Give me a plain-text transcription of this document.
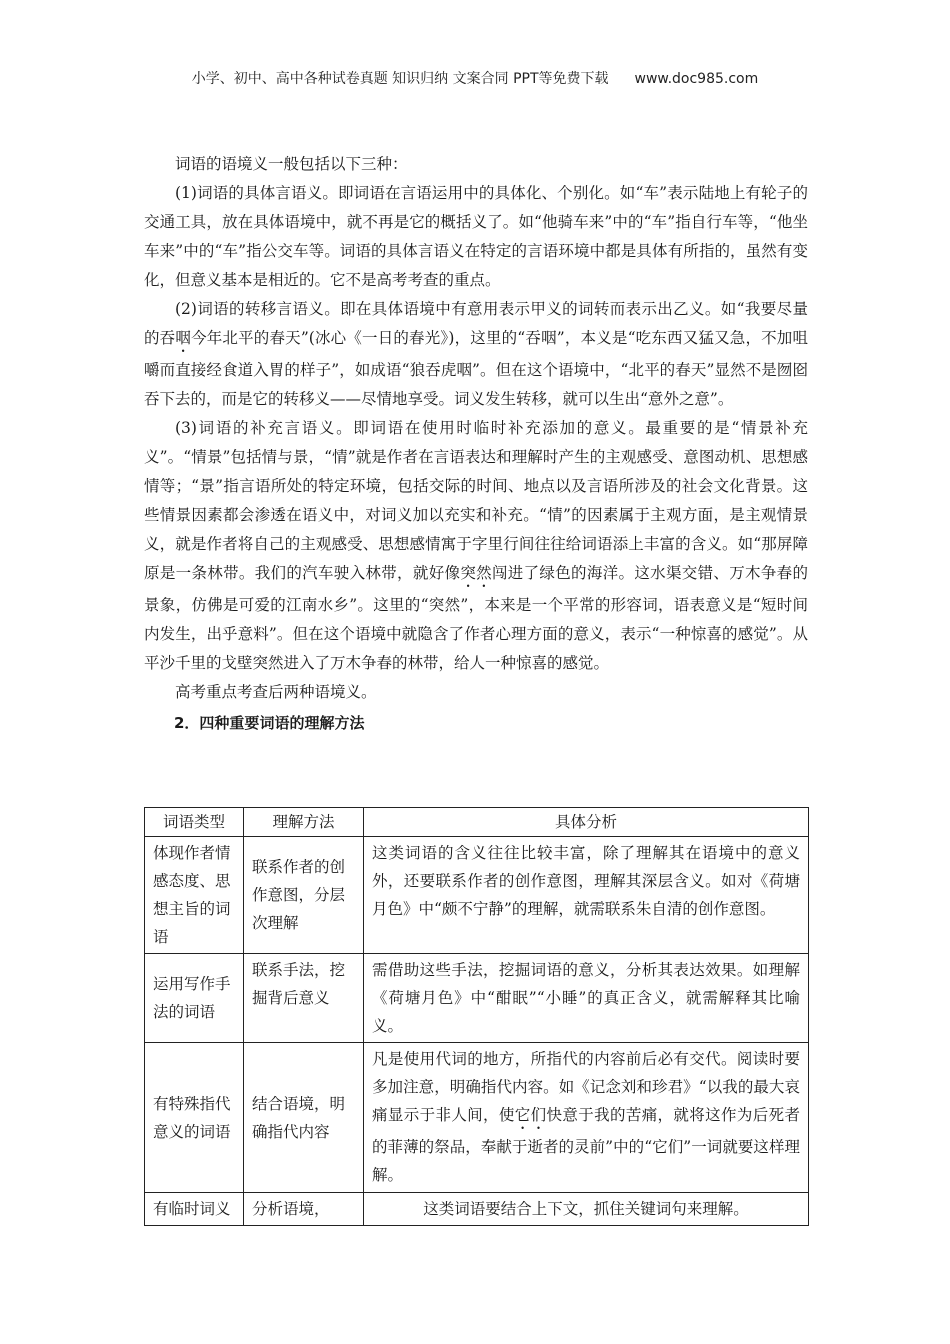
小学、初中、高中各种试卷真题 知识归纳 文案合同 PPT等免费下载 www.doc985.com

词语的语境义一般包括以下三种：

(1)词语的具体言语义。即词语在言语运用中的具体化、个别化。如“车”表示陆地上有轮子的交通工具，放在具体语境中，就不再是它的概括义了。如“他骑车来”中的“车”指自行车等，“他坐车来”中的“车”指公交车等。词语的具体言语义在特定的言语环境中都是具体有所指的，虽然有变化，但意义基本是相近的。它不是高考考查的重点。

(2)词语的转移言语义。即在具体语境中有意用表示甲义的词转而表示出乙义。如“我要尽量的吞咽今年北平的春天”(冰心《一日的春光》)，这里的“吞咽”，本义是“吃东西又猛又急，不加咀嚼而直接经食道入胃的样子”，如成语“狼吞虎咽”。但在这个语境中，“北平的春天”显然不是囫囵吞下去的，而是它的转移义——尽情地享受。词义发生转移，就可以生出“意外之意”。

(3)词语的补充言语义。即词语在使用时临时补充添加的意义。最重要的是“情景补充义”。“情景”包括情与景，“情”就是作者在言语表达和理解时产生的主观感受、意图动机、思想感情等；“景”指言语所处的特定环境，包括交际的时间、地点以及言语所涉及的社会文化背景。这些情景因素都会渗透在语义中，对词义加以充实和补充。“情”的因素属于主观方面，是主观情景义，就是作者将自己的主观感受、思想感情寓于字里行间往往给词语添上丰富的含义。如“那屏障原是一条林带。我们的汽车驶入林带，就好像突然闯进了绿色的海洋。这水渠交错、万木争春的景象，仿佛是可爱的江南水乡”。这里的“突然”，本来是一个平常的形容词，语表意义是“短时间内发生，出乎意料”。但在这个语境中就隐含了作者心理方面的意义，表示“一种惊喜的感觉”。从平沙千里的戈壁突然进入了万木争春的林带，给人一种惊喜的感觉。

高考重点考查后两种语境义。

2．四种重要词语的理解方法

词语类型	理解方法	具体分析
体现作者情感态度、思想主旨的词语	联系作者的创作意图，分层次理解	这类词语的含义往往比较丰富，除了理解其在语境中的意义外，还要联系作者的创作意图，理解其深层含义。如对《荷塘月色》中“颇不宁静”的理解，就需联系朱自清的创作意图。
运用写作手法的词语	联系手法，挖掘背后意义	需借助这些手法，挖掘词语的意义，分析其表达效果。如理解《荷塘月色》中“酣眠”“小睡”的真正含义，就需解释其比喻义。
有特殊指代意义的词语	结合语境，明确指代内容	凡是使用代词的地方，所指代的内容前后必有交代。阅读时要多加注意，明确指代内容。如《记念刘和珍君》“以我的最大哀痛显示于非人间，使它们快意于我的苦痛，就将这作为后死者的菲薄的祭品，奉献于逝者的灵前”中的“它们”一词就要这样理解。
有临时词义	分析语境，	这类词语要结合上下文，抓住关键词句来理解。
